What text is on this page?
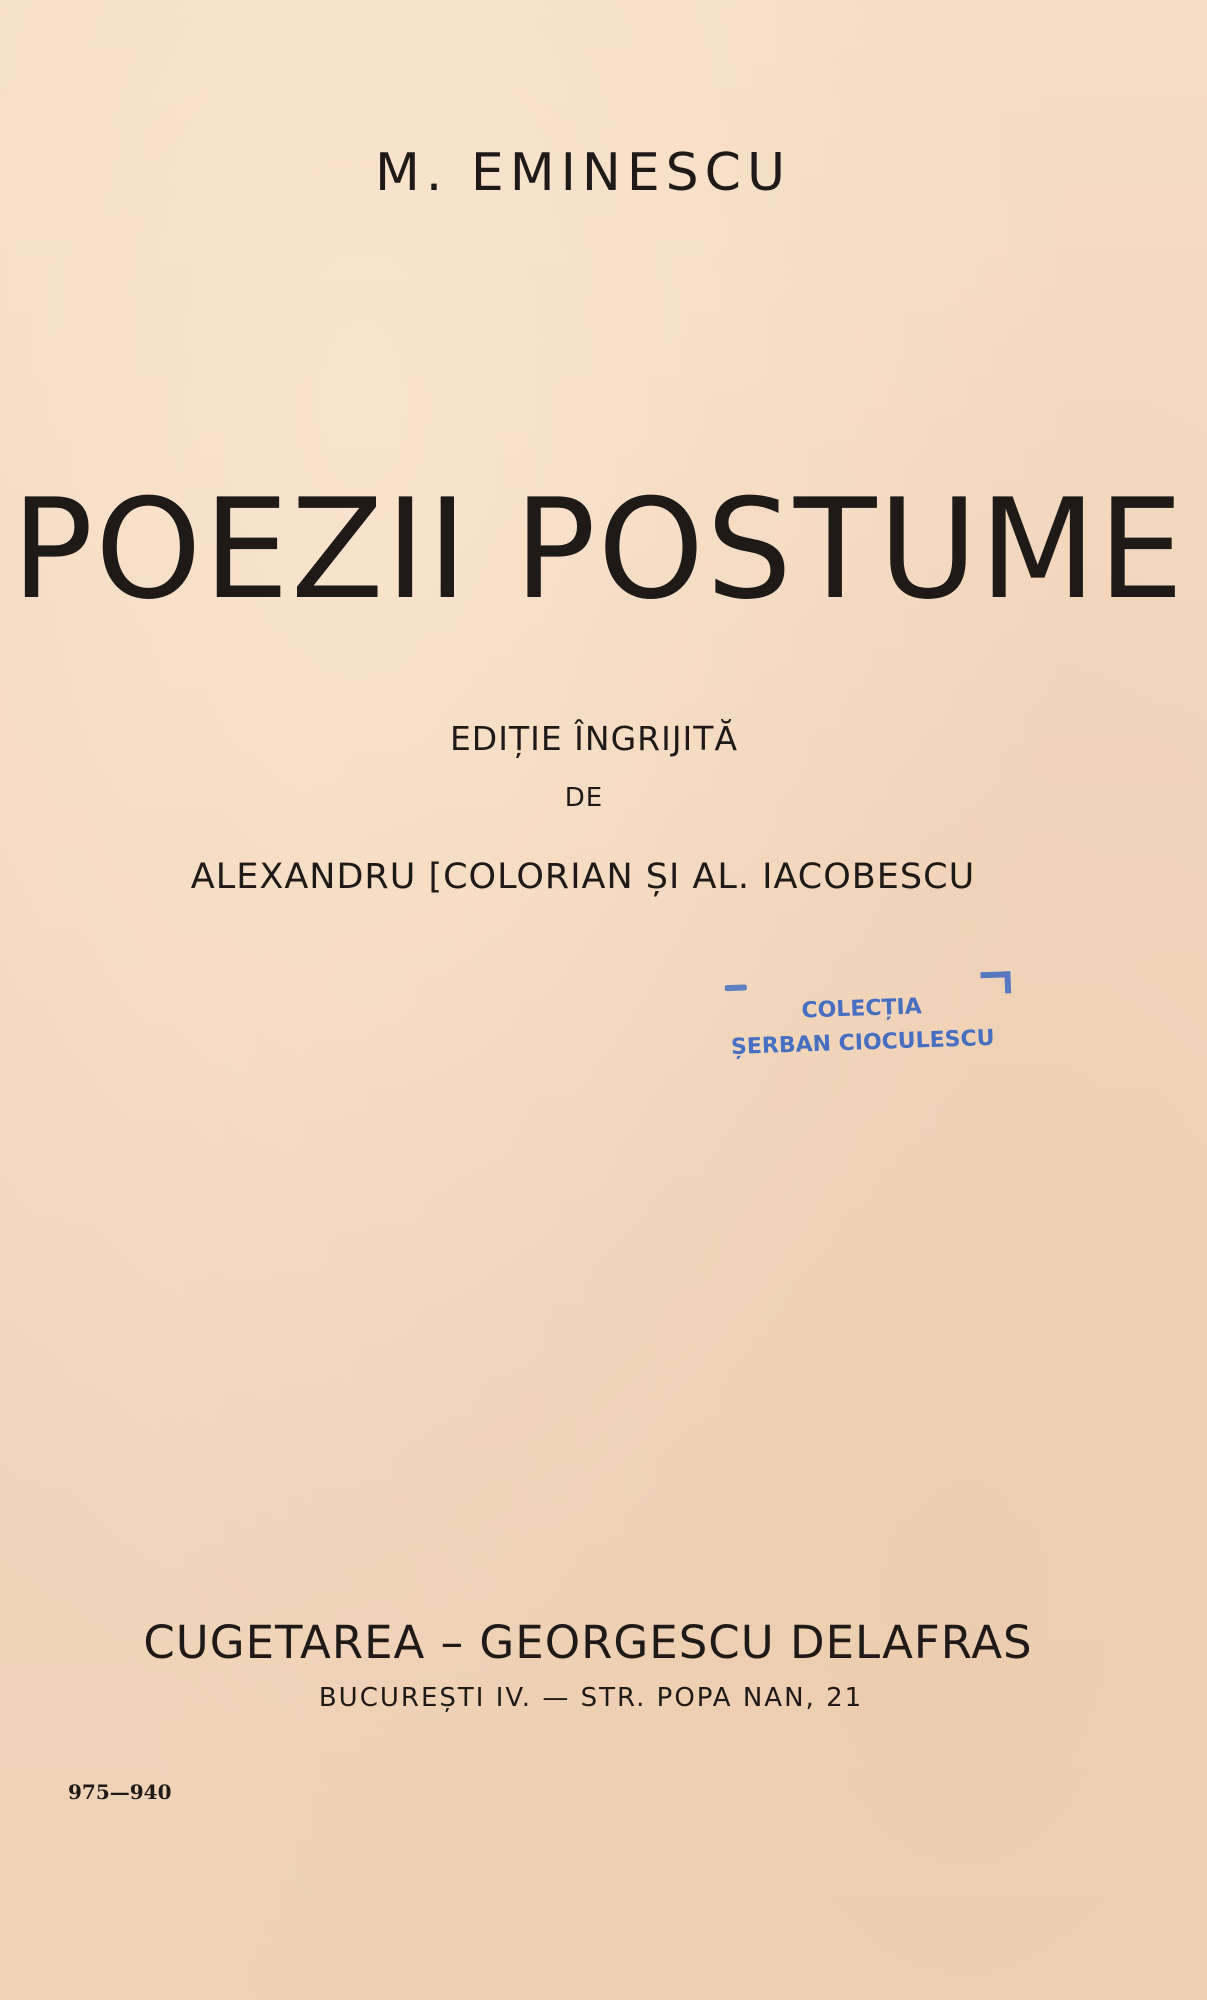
M. EMINESCU
POEZII POSTUME
EDIȚIE ÎNGRIJITĂ
DE
ALEXANDRU [COLORIAN ȘI AL. IACOBESCU
COLECȚIA
ȘERBAN CIOCULESCU
CUGETAREA – GEORGESCU DELAFRAS
BUCUREȘTI IV. — STR. POPA NAN, 21
975—940
